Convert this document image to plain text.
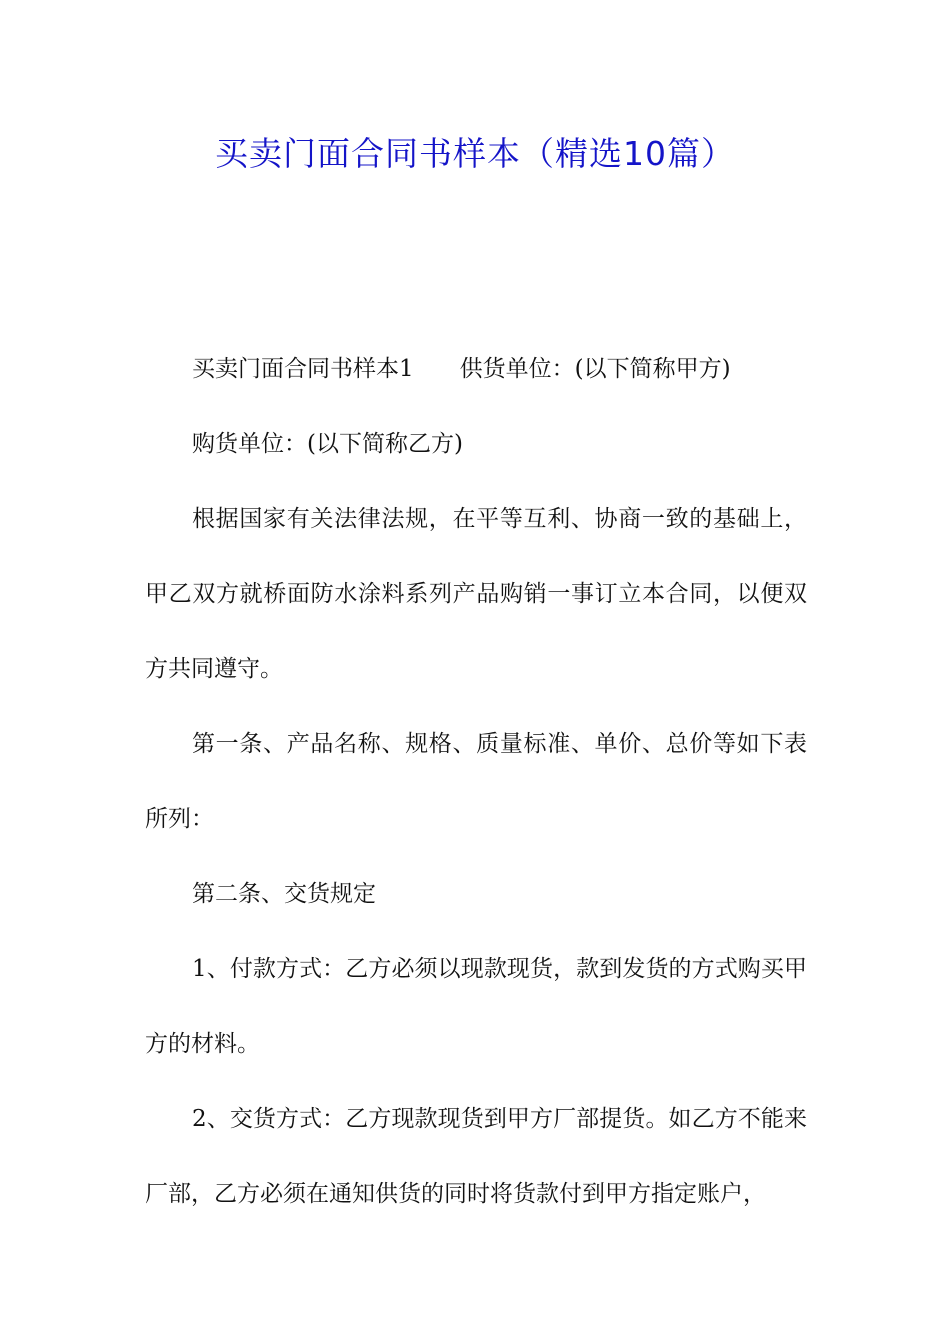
买卖门面合同书样本（精选10篇）

买卖门面合同书样本1 供货单位：(以下简称甲方)

购货单位：(以下简称乙方)

根据国家有关法律法规，在平等互利、协商一致的基础上，甲乙双方就桥面防水涂料系列产品购销一事订立本合同，以便双方共同遵守。

第一条、产品名称、规格、质量标准、单价、总价等如下表所列：

第二条、交货规定

1、付款方式：乙方必须以现款现货，款到发货的方式购买甲方的材料。

2、交货方式：乙方现款现货到甲方厂部提货。如乙方不能来厂部，乙方必须在通知供货的同时将货款付到甲方指定账户，
